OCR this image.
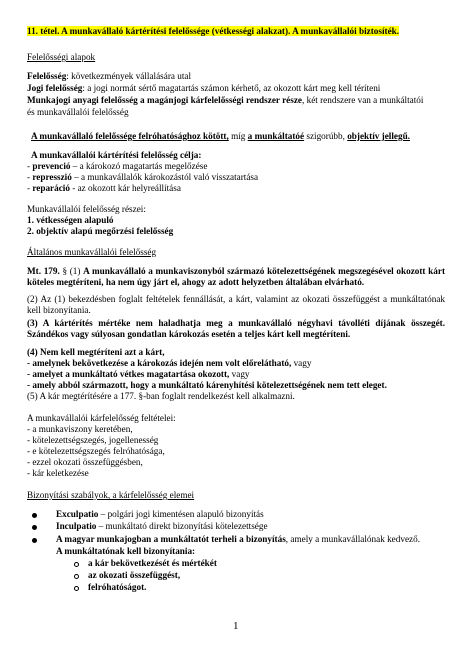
11. tétel. A munkavállaló kártérítési felelőssége (vétkességi alakzat). A munkavállalói biztosíték.
Felelősségi alapok
Felelősség: következmények vállalására utal
Jogi felelősség: a jogi normát sértő magatartás számon kérhető, az okozott kárt meg kell téríteni
Munkajogi anyagi felelősség a magánjogi kárfelelősségi rendszer része, két rendszere van a munkáltatói
és munkavállalói felelősség
A munkavállaló felelőssége felróhatósághoz kötött, míg a munkáltatóé szigorúbb, objektív jellegű.
A munkavállalói kártérítési felelősség célja:
- prevenció – a károkozó magatartás megelőzése
- represszió – a munkavállalók károkozástól való visszatartása
- reparáció - az okozott kár helyreállítása
Munkavállalói felelősség részei:
1. vétkességen alapuló
2. objektív alapú megőrzési felelősség
Általános munkavállalói felelősség
Mt. 179. § (1) A munkavállaló a munkaviszonyból származó kötelezettségének megszegésével okozott kárt köteles megtéríteni, ha nem úgy járt el, ahogy az adott helyzetben általában elvárható.
(2) Az (1) bekezdésben foglalt feltételek fennállását, a kárt, valamint az okozati összefüggést a munkáltatónak kell bizonyítania.
(3) A kártérítés mértéke nem haladhatja meg a munkavállaló négyhavi távolléti díjának összegét. Szándékos vagy súlyosan gondatlan károkozás esetén a teljes kárt kell megtéríteni.
(4) Nem kell megtéríteni azt a kárt,
- amelynek bekövetkezése a károkozás idején nem volt előrelátható, vagy
- amelyet a munkáltató vétkes magatartása okozott, vagy
- amely abból származott, hogy a munkáltató kárenyhítési kötelezettségének nem tett eleget.
(5) A kár megtérítésére a 177. §-ban foglalt rendelkezést kell alkalmazni.
A munkavállalói kárfelelősség feltételei:
- a munkaviszony keretében,
- kötelezettségszegés, jogellenesség
- e kötelezettségszegés felróhatósága,
- ezzel okozati összefüggésben,
- kár keletkezése
Bizonyítási szabályok, a kárfelelősség elemei
Exculpatio – polgári jogi kimentésen alapuló bizonyítás
Inculpatio – munkáltató direkt bizonyítási kötelezettsége
A magyar munkajogban a munkáltatót terheli a bizonyítás, amely a munkavállalónak kedvező.
A munkáltatónak kell bizonyítania:
a kár bekövetkezését és mértékét
az okozati összefüggést,
felróhatóságot.
1
